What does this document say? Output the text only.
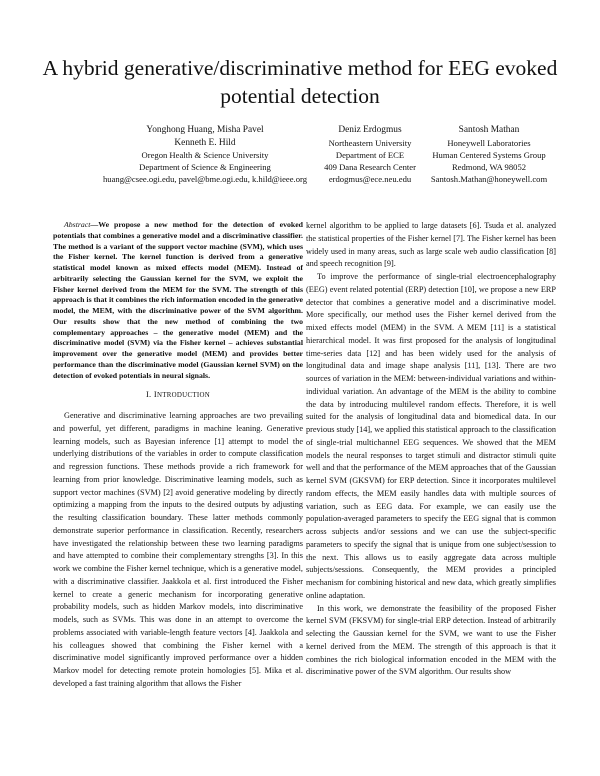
A hybrid generative/discriminative method for EEG evoked potential detection
Yonghong Huang, Misha Pavel
Kenneth E. Hild
Oregon Health & Science University
Department of Science & Engineering
huang@csee.ogi.edu, pavel@bme.ogi.edu, k.hild@ieee.org
Deniz Erdogmus
Northeastern University
Department of ECE
409 Dana Research Center
erdogmus@ece.neu.edu
Santosh Mathan
Honeywell Laboratories
Human Centered Systems Group
Redmond, WA 98052
Santosh.Mathan@honeywell.com

Abstract—We propose a new method for the detection of evoked potentials that combines a generative model and a discriminative classifier. The method is a variant of the support vector machine (SVM), which uses the Fisher kernel. The kernel function is derived from a generative statistical model known as mixed effects model (MEM). Instead of arbitrarily selecting the Gaussian kernel for the SVM, we exploit the Fisher kernel derived from the MEM for the SVM. The strength of this approach is that it combines the rich information encoded in the generative model, the MEM, with the discriminative power of the SVM algorithm. Our results show that the new method of combining the two complementary approaches – the generative model (MEM) and the discriminative model (SVM) via the Fisher kernel – achieves substantial improvement over the generative model (MEM) and provides better performance than the discriminative model (Gaussian kernel SVM) on the detection of evoked potentials in neural signals.

I. INTRODUCTION

Generative and discriminative learning approaches are two prevailing and powerful, yet different, paradigms in machine leaning. Generative learning models, such as Bayesian inference [1] attempt to model the underlying distributions of the variables in order to compute classification and regression functions. These methods provide a rich framework for learning from prior knowledge. Discriminative learning models, such as support vector machines (SVM) [2] avoid generative modeling by directly optimizing a mapping from the inputs to the desired outputs by adjusting the resulting classification boundary. These latter methods commonly demonstrate superior performance in classification. Recently, researchers have investigated the relationship between these two learning paradigms and have attempted to combine their complementary strengths [3]. In this work we combine the Fisher kernel technique, which is a generative model, with a discriminative classifier. Jaakkola et al. first introduced the Fisher kernel to create a generic mechanism for incorporating generative probability models, such as hidden Markov models, into discriminative models, such as SVMs. This was done in an attempt to overcome the problems associated with variable-length feature vectors [4]. Jaakkola and his colleagues showed that combining the Fisher kernel with a discriminative model significantly improved performance over a hidden Markov model for detecting remote protein homologies [5]. Mika et al. developed a fast training algorithm that allows the Fisher

kernel algorithm to be applied to large datasets [6]. Tsuda et al. analyzed the statistical properties of the Fisher kernel [7]. The Fisher kernel has been widely used in many areas, such as large scale web audio classification [8] and speech recognition [9].

To improve the performance of single-trial electroencephalography (EEG) event related potential (ERP) detection [10], we propose a new ERP detector that combines a generative model and a discriminative model. More specifically, our method uses the Fisher kernel derived from the mixed effects model (MEM) in the SVM. A MEM [11] is a statistical hierarchical model. It was first proposed for the analysis of longitudinal time-series data [12] and has been widely used for the analysis of longitudinal data and image shape analysis [11], [13]. There are two sources of variation in the MEM: between-individual variations and within-individual variation. An advantage of the MEM is the ability to combine the data by introducing multilevel random effects. Therefore, it is well suited for the analysis of longitudinal data and biomedical data. In our previous study [14], we applied this statistical approach to the classification of single-trial multichannel EEG sequences. We showed that the MEM models the neural responses to target stimuli and distractor stimuli quite well and that the performance of the MEM approaches that of the Gaussian kernel SVM (GKSVM) for ERP detection. Since it incorporates multilevel random effects, the MEM easily handles data with multiple sources of variation, such as EEG data. For example, we can easily use the population-averaged parameters to specify the EEG signal that is common across subjects and/or sessions and we can use the subject-specific parameters to specify the signal that is unique from one subject/session to the next. This allows us to easily aggregate data across multiple subjects/sessions. Consequently, the MEM provides a principled mechanism for combining historical and new data, which greatly simplifies online adaptation.

In this work, we demonstrate the feasibility of the proposed Fisher kernel SVM (FKSVM) for single-trial ERP detection. Instead of arbitrarily selecting the Gaussian kernel for the SVM, we want to use the Fisher kernel derived from the MEM. The strength of this approach is that it combines the rich biological information encoded in the MEM with the discriminative power of the SVM algorithm. Our results show
